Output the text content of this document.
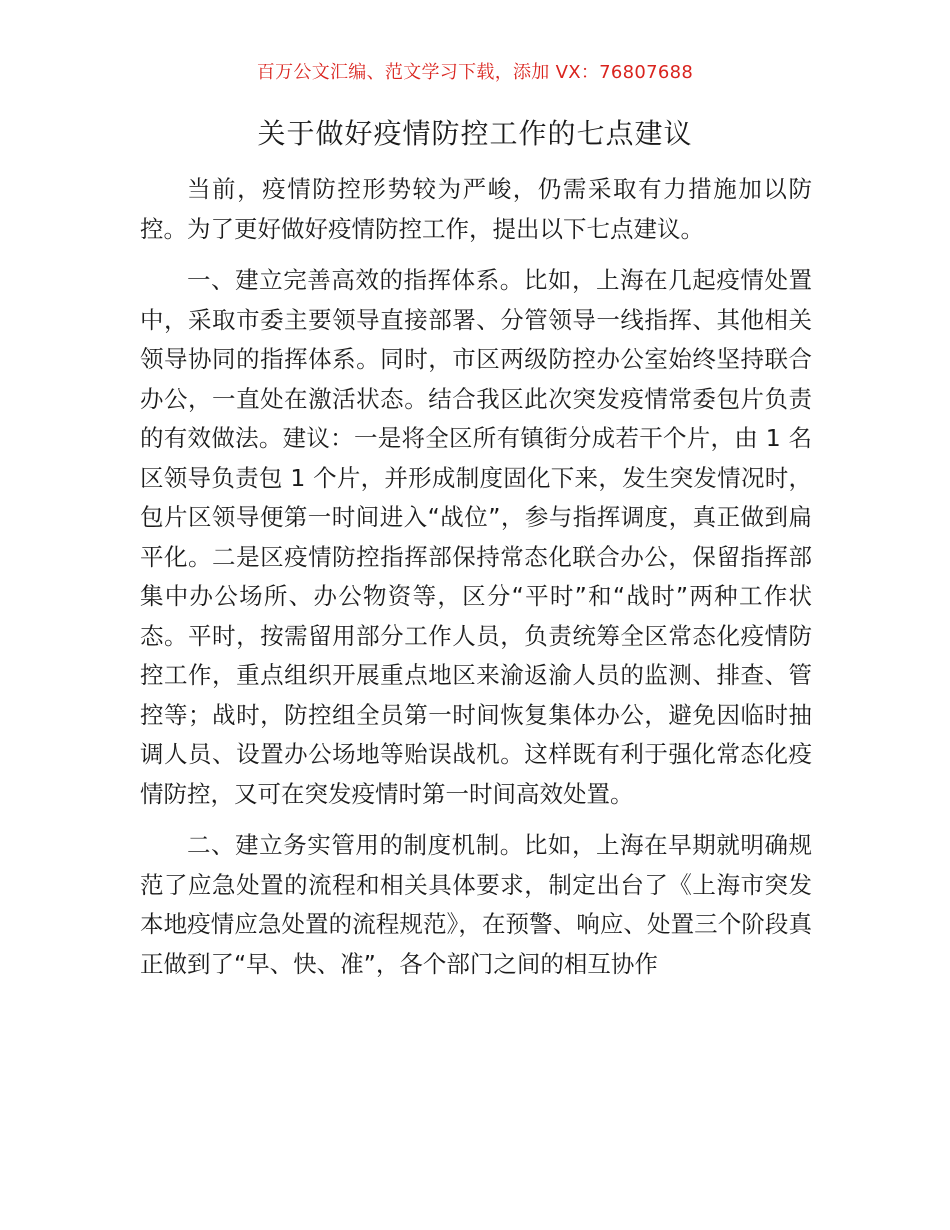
百万公文汇编、范文学习下载，添加 VX：76807688
关于做好疫情防控工作的七点建议

当前，疫情防控形势较为严峻，仍需采取有力措施加以防控。为了更好做好疫情防控工作，提出以下七点建议。

一、建立完善高效的指挥体系。比如，上海在几起疫情处置中，采取市委主要领导直接部署、分管领导一线指挥、其他相关领导协同的指挥体系。同时，市区两级防控办公室始终坚持联合办公，一直处在激活状态。结合我区此次突发疫情常委包片负责的有效做法。建议：一是将全区所有镇街分成若干个片，由 1 名区领导负责包 1 个片，并形成制度固化下来，发生突发情况时，包片区领导便第一时间进入“战位”，参与指挥调度，真正做到扁平化。二是区疫情防控指挥部保持常态化联合办公，保留指挥部集中办公场所、办公物资等，区分“平时”和“战时”两种工作状态。平时，按需留用部分工作人员，负责统筹全区常态化疫情防控工作，重点组织开展重点地区来渝返渝人员的监测、排查、管控等；战时，防控组全员第一时间恢复集体办公，避免因临时抽调人员、设置办公场地等贻误战机。这样既有利于强化常态化疫情防控，又可在突发疫情时第一时间高效处置。

二、建立务实管用的制度机制。比如，上海在早期就明确规范了应急处置的流程和相关具体要求，制定出台了《上海市突发本地疫情应急处置的流程规范》，在预警、响应、处置三个阶段真正做到了“早、快、准”，各个部门之间的相互协作
